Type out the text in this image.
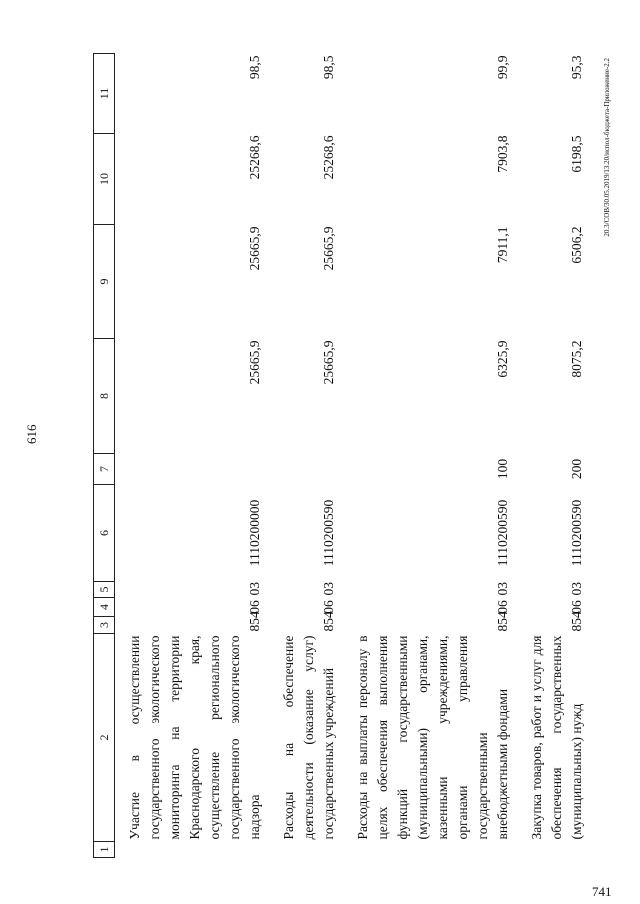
616
20.3/СОВ/30.05.2019/13.20/испол-бюджета-Приложение-2.2
741
1	2	3	4	5	6	7	8	9	10	11

	Участие в осуществлении государственного экологического мониторинга на территории Краснодарского края, осуществление регионального государственного экологического надзора	854	06	03	1110200000		25665,9	25665,9	25268,6	98,5

	Расходы на обеспечение деятельности (оказание услуг) государственных учреждений	854	06	03	1110200590		25665,9	25665,9	25268,6	98,5

	Расходы на выплаты персоналу в целях обеспечения выполнения функций государственными (муниципальными) органами, казенными учреждениями, органами управления государственными внебюджетными фондами	854	06	03	1110200590	100	6325,9	7911,1	7903,8	99,9

	Закупка товаров, работ и услуг для обеспечения государственных (муниципальных) нужд	854	06	03	1110200590	200	8075,2	6506,2	6198,5	95,3
